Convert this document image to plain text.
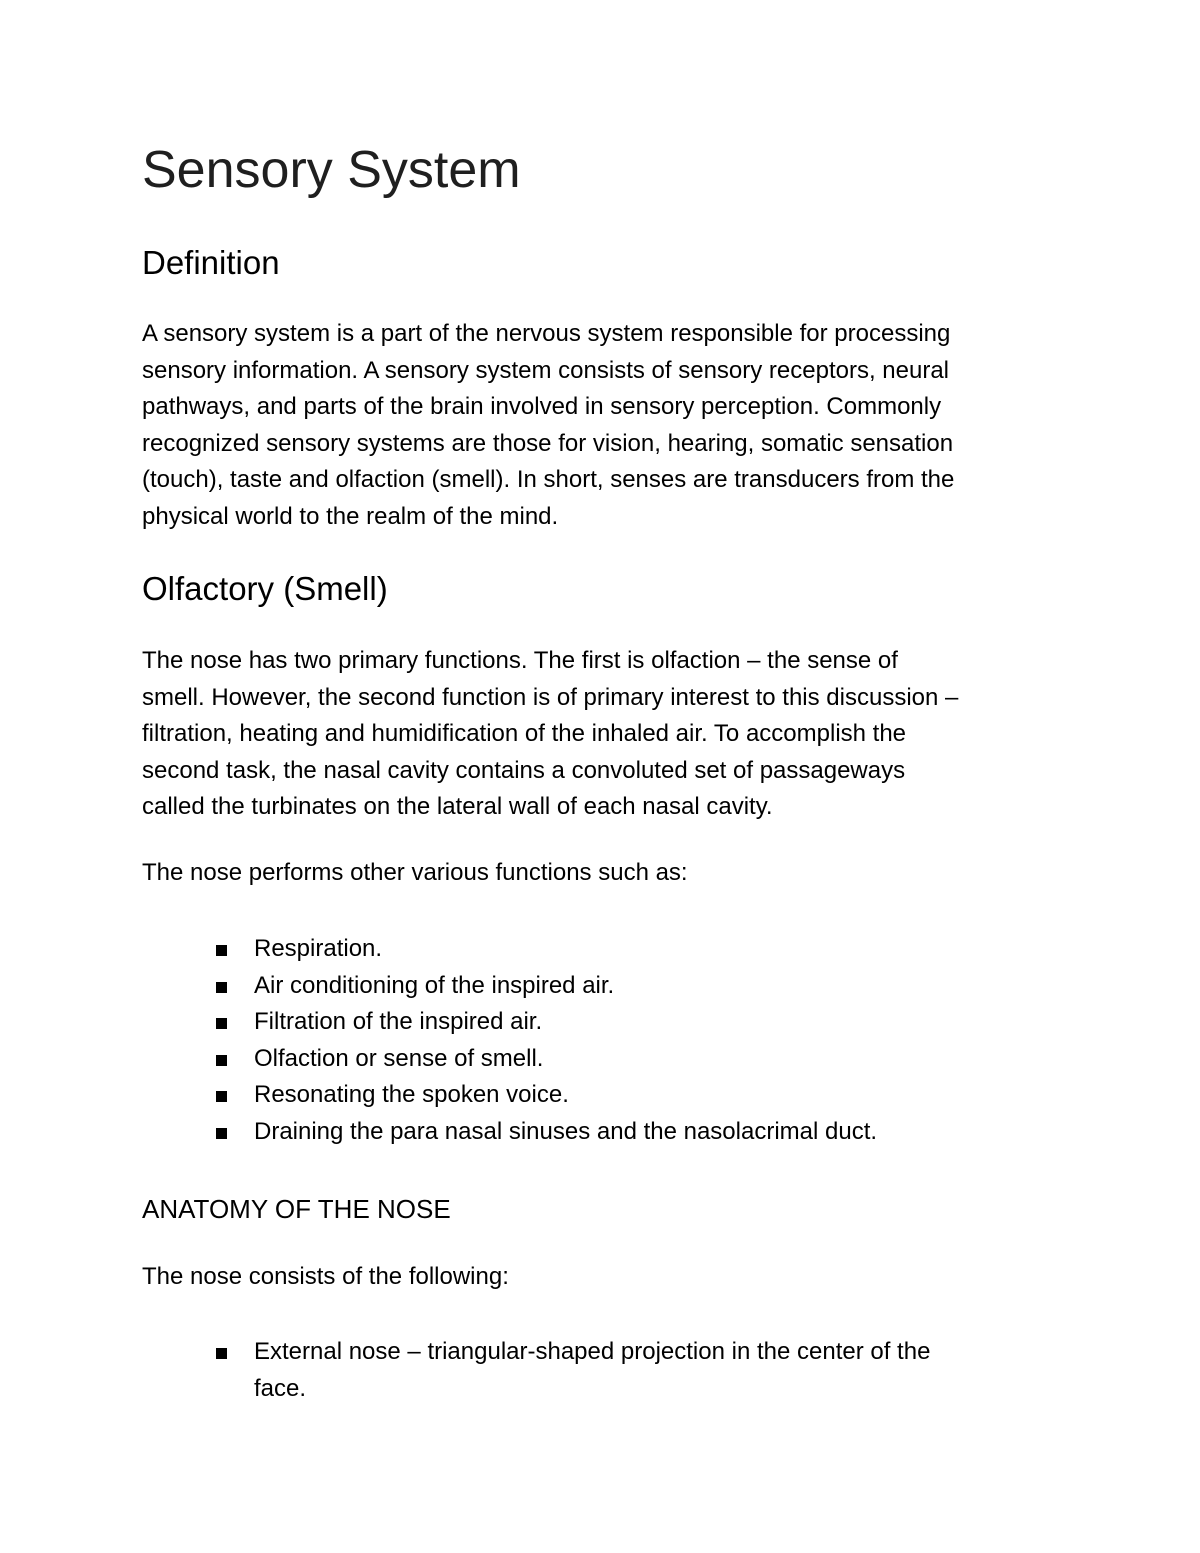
Sensory System
Definition

A sensory system is a part of the nervous system responsible for processing
sensory information. A sensory system consists of sensory receptors, neural
pathways, and parts of the brain involved in sensory perception. Commonly
recognized sensory systems are those for vision, hearing, somatic sensation
(touch), taste and olfaction (smell). In short, senses are transducers from the
physical world to the realm of the mind.

Olfactory (Smell)

The nose has two primary functions. The first is olfaction – the sense of
smell. However, the second function is of primary interest to this discussion –
filtration, heating and humidification of the inhaled air. To accomplish the
second task, the nasal cavity contains a convoluted set of passageways
called the turbinates on the lateral wall of each nasal cavity.

The nose performs other various functions such as:

Respiration.
Air conditioning of the inspired air.
Filtration of the inspired air.
Olfaction or sense of smell.
Resonating the spoken voice.
Draining the para nasal sinuses and the nasolacrimal duct.
ANATOMY OF THE NOSE

The nose consists of the following:

External nose – triangular-shaped projection in the center of the
face.
